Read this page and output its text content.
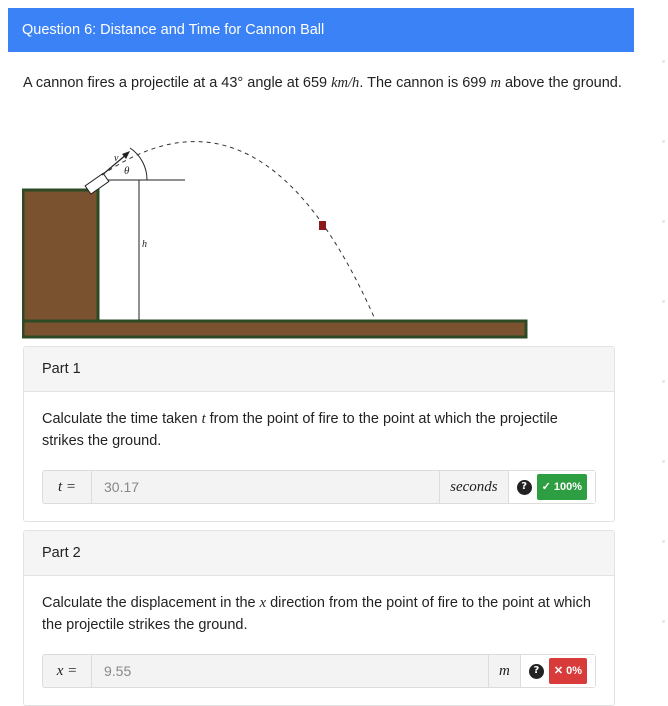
Question 6: Distance and Time for Cannon Ball
A cannon fires a projectile at a 43° angle at 659 km/h. The cannon is 699 m above the ground.
v
θ
h
Part 1
Calculate the time taken t from the point of fire to the point at which the projectile strikes the ground.
t =	30.17	seconds	?	✓ 100%
Part 2
Calculate the displacement in the x direction from the point of fire to the point at which the projectile strikes the ground.
x =	9.55	m	?	✕ 0%
